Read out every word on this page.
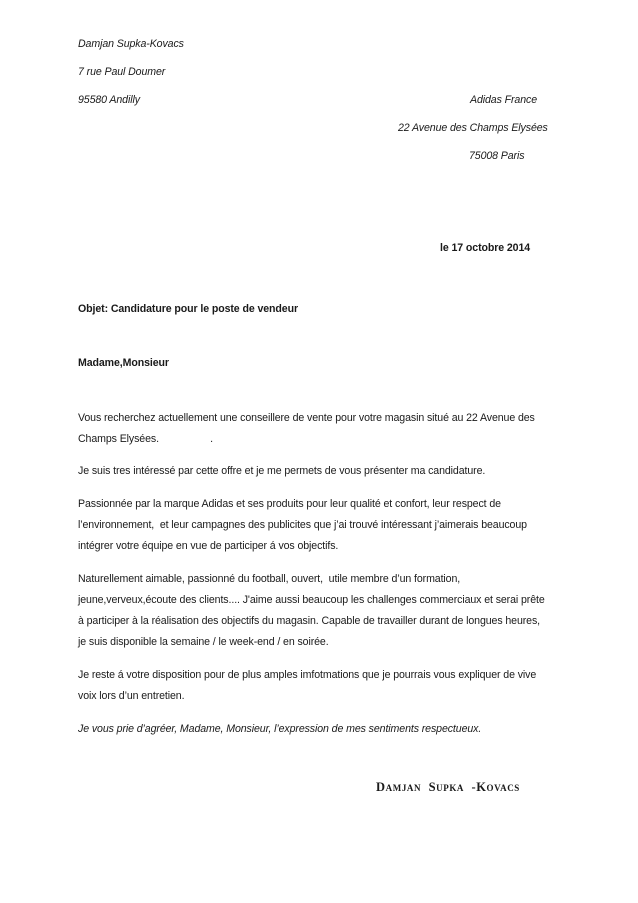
Damjan Supka-Kovacs
7 rue Paul Doumer
95580 Andilly	Adidas France
22 Avenue des Champs Elysées
75008 Paris
le 17 octobre 2014
Objet: Candidature pour le poste de vendeur
Madame,Monsieur
Vous recherchez actuellement une conseillere de vente pour votre magasin situé au 22 Avenue des
Champs Elysées.                  .
Je suis tres intéressé par cette offre et je me permets de vous présenter ma candidature.
Passionnée par la marque Adidas et ses produits pour leur qualité et confort, leur respect de
l’environnement,  et leur campagnes des publicites que j’ai trouvé intéressant j’aimerais beaucoup
intégrer votre équipe en vue de participer á vos objectifs.
Naturellement aimable, passionné du football, ouvert,  utile membre d’un formation,
jeune,verveux,écoute des clients.... J'aime aussi beaucoup les challenges commerciaux et serai prête
à participer à la réalisation des objectifs du magasin. Capable de travailler durant de longues heures,
je suis disponible la semaine / le week-end / en soirée.
Je reste á votre disposition pour de plus amples imfotmations que je pourrais vous expliquer de vive
voix lors d’un entretien.
Je vous prie d’agréer, Madame, Monsieur, l’expression de mes sentiments respectueux.
Damjan  Supka  -Kovacs
